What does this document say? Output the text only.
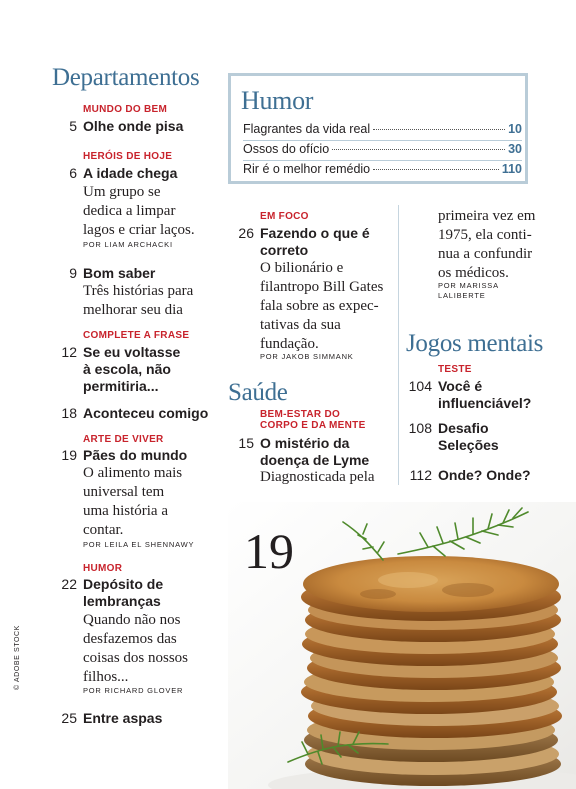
Departamentos
MUNDO DO BEM
5 Olhe onde pisa
HERÓIS DE HOJE
6 A idade chega
Um grupo se
dedica a limpar
lagos e criar laços.
POR LIAM ARCHACKI
9 Bom saber
Três histórias para
melhorar seu dia
COMPLETE A FRASE
12 Se eu voltasse
à escola, não
permitiria...
18 Aconteceu comigo
ARTE DE VIVER
19 Pães do mundo
O alimento mais
universal tem
uma história a
contar.
POR LEILA EL SHENNAWY
HUMOR
22 Depósito de
lembranças
Quando não nos
desfazemos das
coisas dos nossos
filhos...
POR RICHARD GLOVER
25 Entre aspas
© ADOBE STOCK
Humor
Flagrantes da vida real	10
Ossos do ofício	30
Rir é o melhor remédio	110
EM FOCO
26 Fazendo o que é
correto
O bilionário e
filantropo Bill Gates
fala sobre as expec-
tativas da sua
fundação.
POR JAKOB SIMMANK
Saúde
BEM-ESTAR DO
CORPO E DA MENTE
15 O mistério da
doença de Lyme
Diagnosticada pela
primeira vez em
1975, ela conti-
nua a confundir
os médicos.
POR MARISSA
LALIBERTE
Jogos mentais
TESTE
104 Você é
influenciável?
108 Desafio
Seleções
112 Onde? Onde?
19
